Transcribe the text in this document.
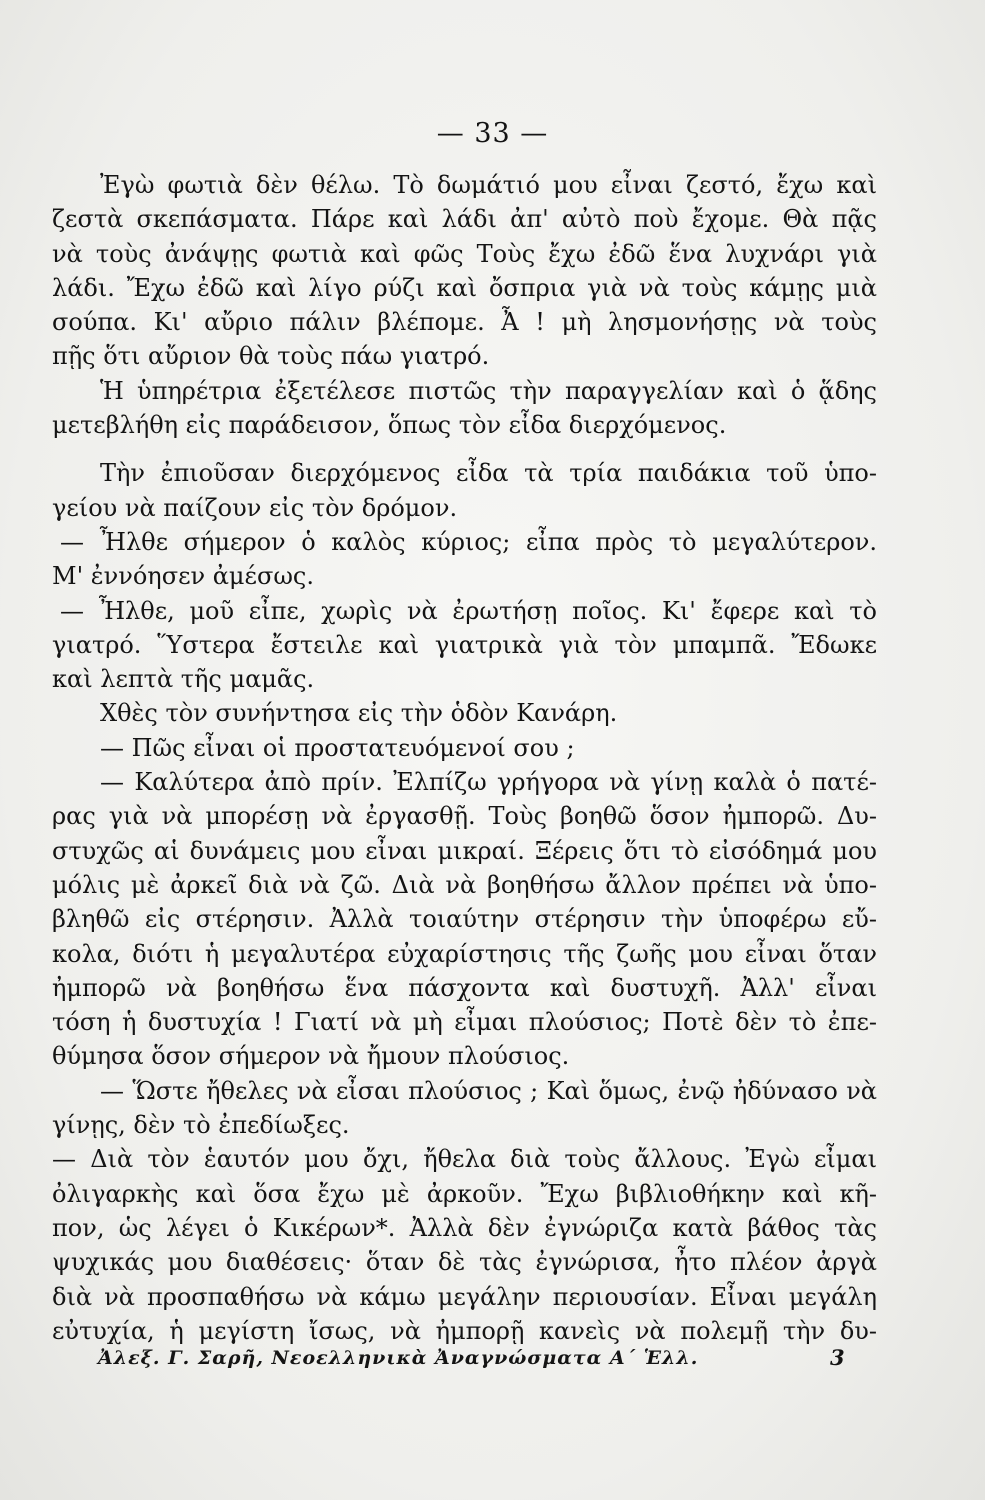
— 33 —
Ἐγὼ φωτιὰ δὲν θέλω. Τὸ δωμάτιό μου εἶναι ζεστό, ἔχω καὶ
ζεστὰ σκεπάσματα. Πάρε καὶ λάδι ἀπ' αὐτὸ ποὺ ἔχομε. Θὰ πᾷς
νὰ τοὺς ἀνάψῃς φωτιὰ καὶ φῶς Τοὺς ἔχω ἐδῶ ἕνα λυχνάρι γιὰ
λάδι. Ἔχω ἐδῶ καὶ λίγο ρύζι καὶ ὄσπρια γιὰ νὰ τοὺς κάμῃς μιὰ
σούπα. Κι' αὔριο πάλιν βλέπομε. Ἆ ! μὴ λησμονήσῃς νὰ τοὺς
πῇς ὅτι αὔριον θὰ τοὺς πάω γιατρό.
Ἡ ὑπηρέτρια ἐξετέλεσε πιστῶς τὴν παραγγελίαν καὶ ὁ ᾅδης
μετεβλήθη εἰς παράδεισον, ὅπως τὸν εἶδα διερχόμενος.
Τὴν ἐπιοῦσαν διερχόμενος εἶδα τὰ τρία παιδάκια τοῦ ὑπο-
γείου νὰ παίζουν εἰς τὸν δρόμον.
— Ἦλθε σήμερον ὁ καλὸς κύριος; εἶπα πρὸς τὸ μεγαλύτερον.
Μ' ἐννόησεν ἀμέσως.
— Ἦλθε, μοῦ εἶπε, χωρὶς νὰ ἐρωτήσῃ ποῖος. Κι' ἔφερε καὶ τὸ
γιατρό. Ὕστερα ἔστειλε καὶ γιατρικὰ γιὰ τὸν μπαμπᾶ. Ἔδωκε
καὶ λεπτὰ τῆς μαμᾶς.
Χθὲς τὸν συνήντησα εἰς τὴν ὁδὸν Κανάρη.
— Πῶς εἶναι οἱ προστατευόμενοί σου ;
— Καλύτερα ἀπὸ πρίν. Ἐλπίζω γρήγορα νὰ γίνῃ καλὰ ὁ πατέ-
ρας γιὰ νὰ μπορέσῃ νὰ ἐργασθῇ. Τοὺς βοηθῶ ὅσον ἠμπορῶ. Δυ-
στυχῶς αἱ δυνάμεις μου εἶναι μικραί. Ξέρεις ὅτι τὸ εἰσόδημά μου
μόλις μὲ ἀρκεῖ διὰ νὰ ζῶ. Διὰ νὰ βοηθήσω ἄλλον πρέπει νὰ ὑπο-
βληθῶ εἰς στέρησιν. Ἀλλὰ τοιαύτην στέρησιν τὴν ὑποφέρω εὔ-
κολα, διότι ἡ μεγαλυτέρα εὐχαρίστησις τῆς ζωῆς μου εἶναι ὅταν
ἠμπορῶ νὰ βοηθήσω ἕνα πάσχοντα καὶ δυστυχῆ. Ἀλλ' εἶναι
τόση ἡ δυστυχία ! Γιατί νὰ μὴ εἶμαι πλούσιος; Ποτὲ δὲν τὸ ἐπε-
θύμησα ὅσον σήμερον νὰ ἤμουν πλούσιος.
— Ὥστε ἤθελες νὰ εἶσαι πλούσιος ; Καὶ ὅμως, ἐνῷ ἠδύνασο νὰ
γίνῃς, δὲν τὸ ἐπεδίωξες.
— Διὰ τὸν ἑαυτόν μου ὄχι, ἤθελα διὰ τοὺς ἄλλους. Ἐγὼ εἶμαι
ὀλιγαρκὴς καὶ ὅσα ἔχω μὲ ἀρκοῦν. Ἔχω βιβλιοθήκην καὶ κῆ-
πον, ὡς λέγει ὁ Κικέρων*. Ἀλλὰ δὲν ἐγνώριζα κατὰ βάθος τὰς
ψυχικάς μου διαθέσεις· ὅταν δὲ τὰς ἐγνώρισα, ἦτο πλέον ἀργὰ
διὰ νὰ προσπαθήσω νὰ κάμω μεγάλην περιουσίαν. Εἶναι μεγάλη
εὐτυχία, ἡ μεγίστη ἴσως, νὰ ἠμπορῇ κανεὶς νὰ πολεμῇ τὴν δυ-
Ἀλεξ. Γ. Σαρῆ, Νεοελληνικὰ Ἀναγνώσματα Α΄ Ἑλλ.	3
